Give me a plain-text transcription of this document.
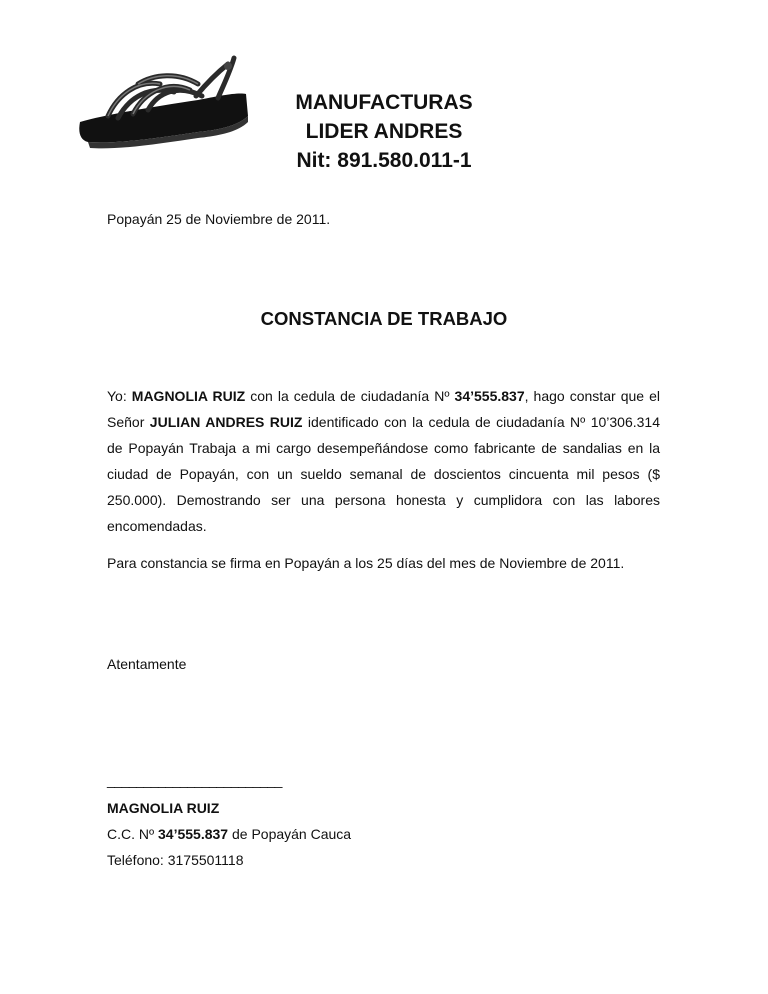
MANUFACTURAS
LIDER ANDRES
Nit: 891.580.011-1
Popayán 25 de Noviembre de 2011.
CONSTANCIA DE TRABAJO
Yo: MAGNOLIA RUIZ con la cedula de ciudadanía Nº 34’555.837, hago constar que el Señor JULIAN ANDRES RUIZ identificado con la cedula de ciudadanía Nº 10’306.314 de Popayán Trabaja a mi cargo desempeñándose como fabricante de sandalias en la ciudad de Popayán, con un sueldo semanal de doscientos cincuenta mil pesos ($ 250.000). Demostrando ser una persona honesta y cumplidora con las labores encomendadas.
Para constancia se firma en Popayán a los 25 días del mes de Noviembre de 2011.
Atentamente
________________________
MAGNOLIA RUIZ
C.C. Nº 34’555.837 de Popayán Cauca
Teléfono: 3175501118
